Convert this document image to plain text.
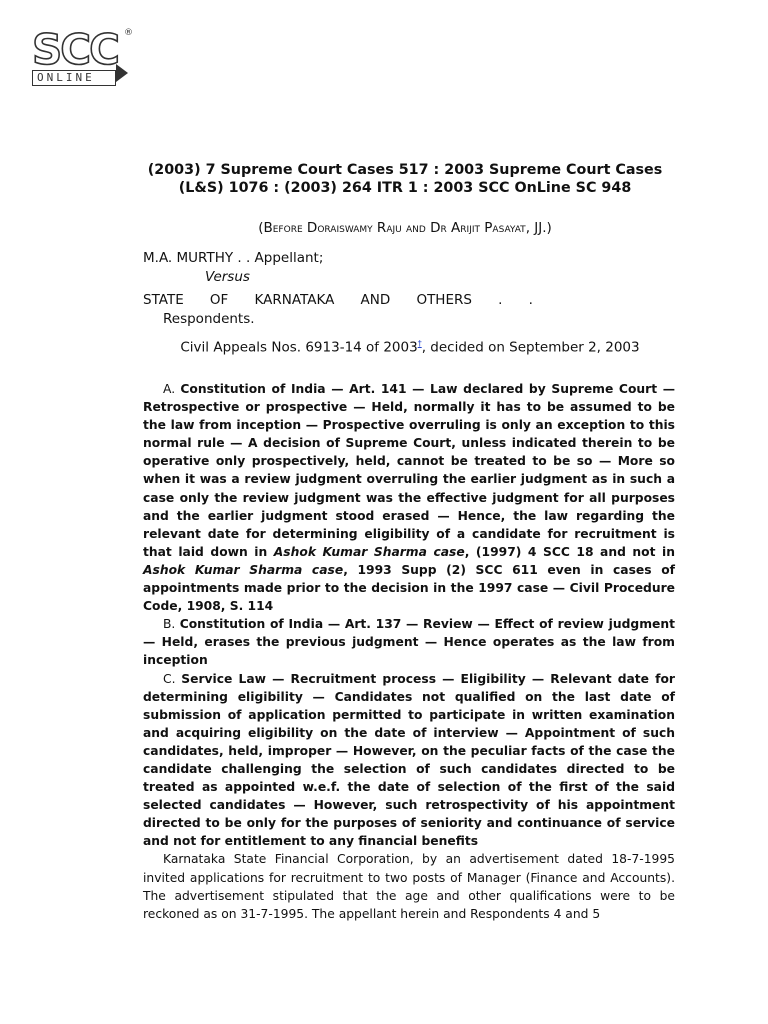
SCC ®
ONLINE
(2003) 7 Supreme Court Cases 517 : 2003 Supreme Court Cases (L&S) 1076 : (2003) 264 ITR 1 : 2003 SCC OnLine SC 948
(Before Doraiswamy Raju and Dr Arijit Pasayat, JJ.)
M.A. MURTHY . . Appellant;
Versus
STATE OF KARNATAKA AND OTHERS . .
Respondents.
Civil Appeals Nos. 6913-14 of 2003†, decided on September 2, 2003

A. Constitution of India — Art. 141 — Law declared by Supreme Court — Retrospective or prospective — Held, normally it has to be assumed to be the law from inception — Prospective overruling is only an exception to this normal rule — A decision of Supreme Court, unless indicated therein to be operative only prospectively, held, cannot be treated to be so — More so when it was a review judgment overruling the earlier judgment as in such a case only the review judgment was the effective judgment for all purposes and the earlier judgment stood erased — Hence, the law regarding the relevant date for determining eligibility of a candidate for recruitment is that laid down in Ashok Kumar Sharma case, (1997) 4 SCC 18 and not in Ashok Kumar Sharma case, 1993 Supp (2) SCC 611 even in cases of appointments made prior to the decision in the 1997 case — Civil Procedure Code, 1908, S. 114

B. Constitution of India — Art. 137 — Review — Effect of review judgment — Held, erases the previous judgment — Hence operates as the law from inception

C. Service Law — Recruitment process — Eligibility — Relevant date for determining eligibility — Candidates not qualified on the last date of submission of application permitted to participate in written examination and acquiring eligibility on the date of interview — Appointment of such candidates, held, improper — However, on the peculiar facts of the case the candidate challenging the selection of such candidates directed to be treated as appointed w.e.f. the date of selection of the first of the said selected candidates — However, such retrospectivity of his appointment directed to be only for the purposes of seniority and continuance of service and not for entitlement to any financial benefits

Karnataka State Financial Corporation, by an advertisement dated 18-7-1995 invited applications for recruitment to two posts of Manager (Finance and Accounts). The advertisement stipulated that the age and other qualifications were to be reckoned as on 31-7-1995. The appellant herein and Respondents 4 and 5
